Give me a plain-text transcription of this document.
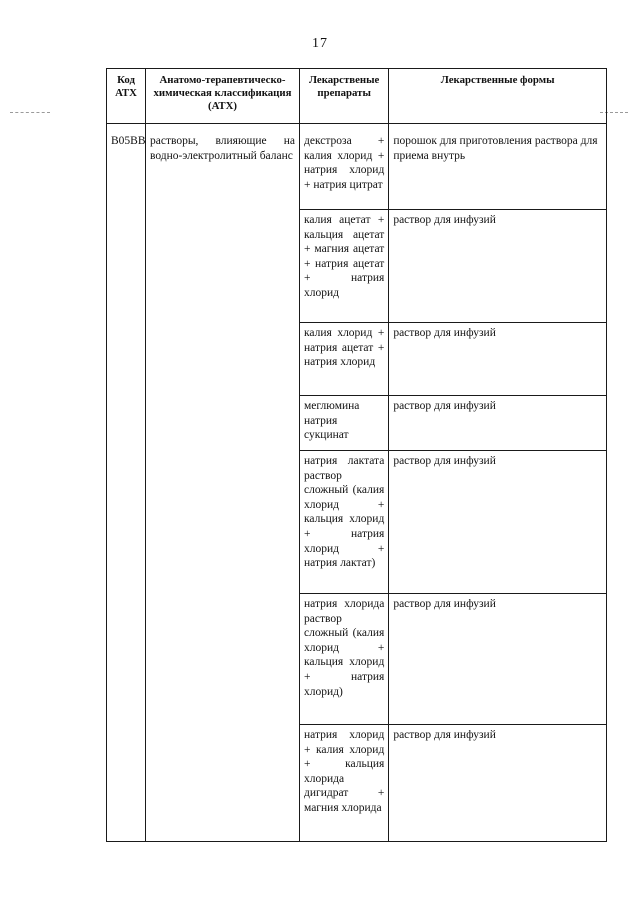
17
Код АТХ	Анатомо-терапевтическо-химическая классификация (АТХ)	Лекарственые препараты	Лекарственные формы
B05BB	растворы, влияющие на водно-электролитный баланс	декстроза + калия хлорид + натрия хлорид + натрия цитрат	порошок для приготовления раствора для приема внутрь
		калия ацетат + кальция ацетат + магния ацетат + натрия ацетат + натрия хлорид	раствор для инфузий
		калия хлорид + натрия ацетат + натрия хлорид	раствор для инфузий
		меглюмина натрия сукцинат	раствор для инфузий
		натрия лактата раствор сложный (калия хлорид + кальция хлорид + натрия хлорид + натрия лактат)	раствор для инфузий
		натрия хлорида раствор сложный (калия хлорид + кальция хлорид + натрия хлорид)	раствор для инфузий
		натрия хлорид + калия хлорид + кальция хлорида дигидрат + магния хлорида	раствор для инфузий
